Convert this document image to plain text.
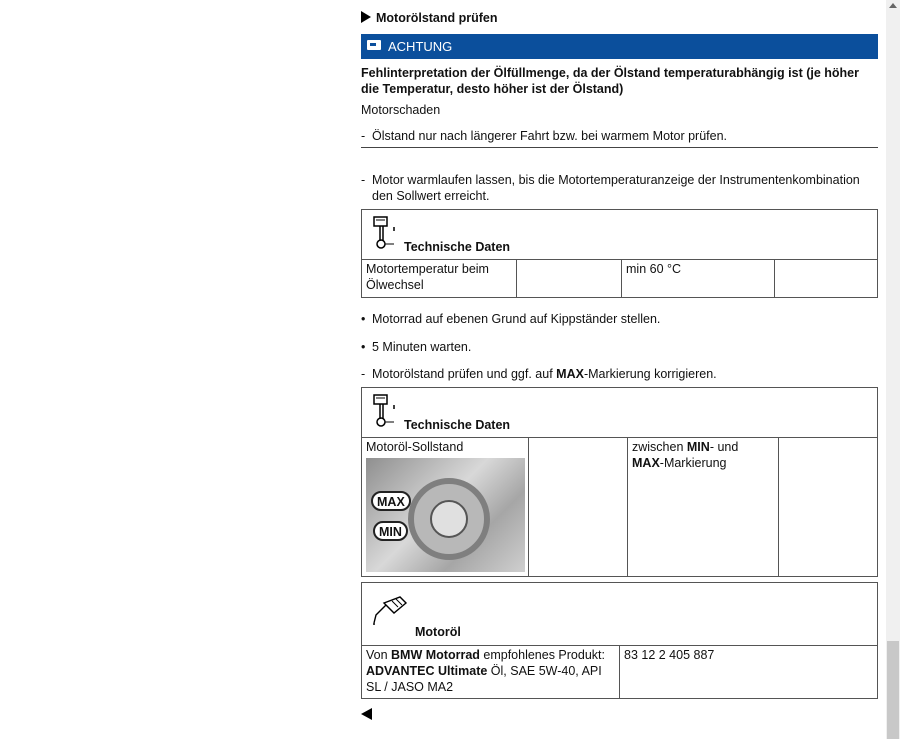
Motorölstand prüfen
ACHTUNG
Fehlinterpretation der Ölfüllmenge, da der Ölstand temperaturabhängig ist (je höher die Temperatur, desto höher ist der Ölstand)
Motorschaden
- Ölstand nur nach längerer Fahrt bzw. bei warmem Motor prüfen.
- Motor warmlaufen lassen, bis die Motortemperaturanzeige der Instrumentenkombination den Sollwert erreicht.
Technische Daten
Motortemperatur beim Ölwechsel
min 60 °C
• Motorrad auf ebenen Grund auf Kippständer stellen.
• 5 Minuten warten.
- Motorölstand prüfen und ggf. auf MAX-Markierung korrigieren.
Technische Daten
Motoröl-Sollstand
MAX
MIN
zwischen MIN- und
MAX-Markierung
Motoröl
Von BMW Motorrad empfohlenes Produkt: ADVANTEC Ultimate Öl, SAE 5W-40, API SL / JASO MA2
83 12 2 405 887
